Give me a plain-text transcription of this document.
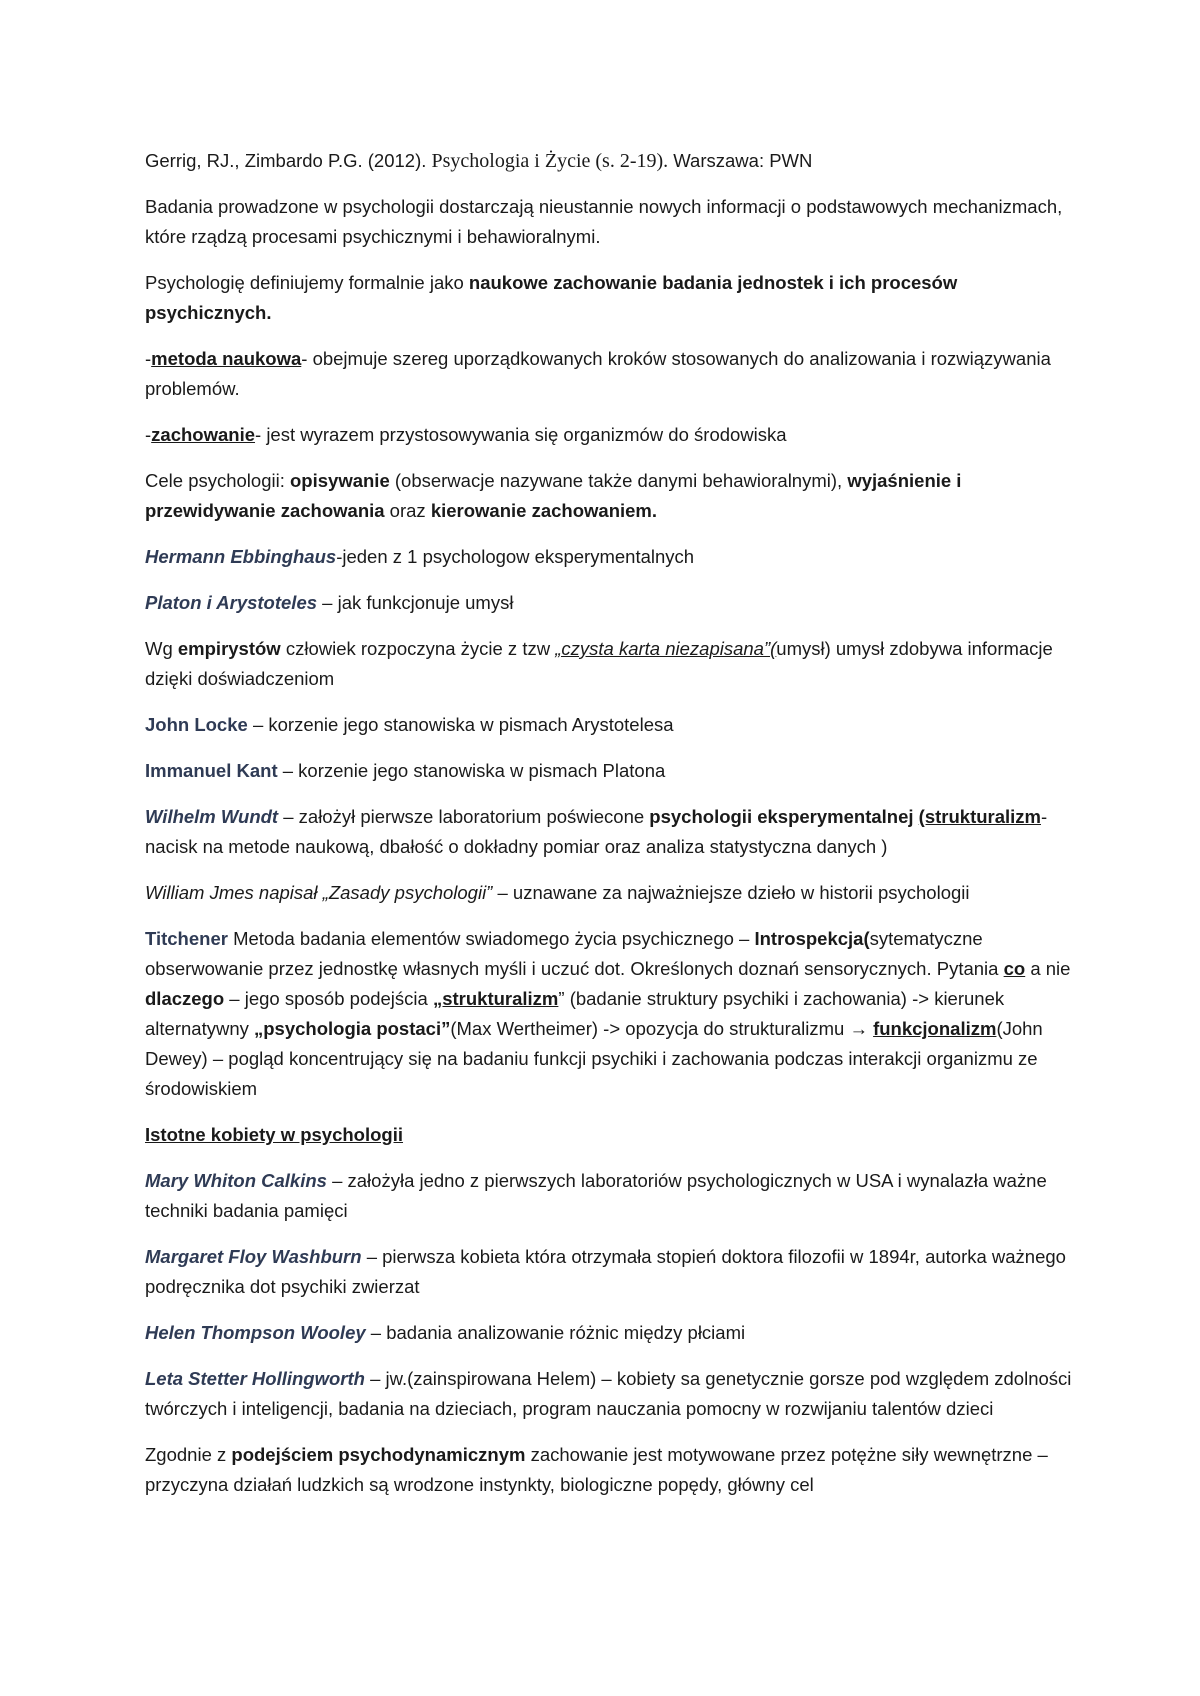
Gerrig, RJ., Zimbardo P.G. (2012). Psychologia i Życie (s. 2-19). Warszawa: PWN

Badania prowadzone w psychologii dostarczają nieustannie nowych informacji o podstawowych mechanizmach, które rządzą procesami psychicznymi i behawioralnymi.

Psychologię definiujemy formalnie jako naukowe zachowanie badania jednostek i ich procesów psychicznych.

-metoda naukowa- obejmuje szereg uporządkowanych kroków stosowanych do analizowania i rozwiązywania problemów.

-zachowanie- jest wyrazem przystosowywania się organizmów do środowiska

Cele psychologii: opisywanie (obserwacje nazywane także danymi behawioralnymi), wyjaśnienie i przewidywanie zachowania oraz kierowanie zachowaniem.

Hermann Ebbinghaus-jeden z 1 psychologow eksperymentalnych

Platon i Arystoteles – jak funkcjonuje umysł

Wg empirystów człowiek rozpoczyna życie z tzw „czysta karta niezapisana”(umysł) umysł zdobywa informacje dzięki doświadczeniom

John Locke – korzenie jego stanowiska w pismach Arystotelesa

Immanuel Kant – korzenie jego stanowiska w pismach Platona

Wilhelm Wundt – założył pierwsze laboratorium poświecone psychologii eksperymentalnej (strukturalizm- nacisk na metode naukową, dbałość o dokładny pomiar oraz analiza statystyczna danych )

William Jmes napisał „Zasady psychologii” – uznawane za najważniejsze dzieło w historii psychologii

Titchener Metoda badania elementów swiadomego życia psychicznego – Introspekcja(sytematyczne obserwowanie przez jednostkę własnych myśli i uczuć dot. Określonych doznań sensorycznych. Pytania co a nie dlaczego – jego sposób podejścia „strukturalizm” (badanie struktury psychiki i zachowania) -> kierunek alternatywny „psychologia postaci”(Max Wertheimer) -> opozycja do strukturalizmu → funkcjonalizm(John Dewey) – pogląd koncentrujący się na badaniu funkcji psychiki i zachowania podczas interakcji organizmu ze środowiskiem

Istotne kobiety w psychologii

Mary Whiton Calkins – założyła jedno z pierwszych laboratoriów psychologicznych w USA i wynalazła ważne techniki badania pamięci

Margaret Floy Washburn – pierwsza kobieta która otrzymała stopień doktora filozofii w 1894r, autorka ważnego podręcznika dot psychiki zwierzat

Helen Thompson Wooley – badania analizowanie różnic między płciami

Leta Stetter Hollingworth – jw.(zainspirowana Helem) – kobiety sa genetycznie gorsze pod względem zdolności twórczych i inteligencji, badania na dzieciach, program nauczania pomocny w rozwijaniu talentów dzieci

Zgodnie z podejściem psychodynamicznym zachowanie jest motywowane przez potężne siły wewnętrzne – przyczyna działań ludzkich są wrodzone instynkty, biologiczne popędy, główny cel
